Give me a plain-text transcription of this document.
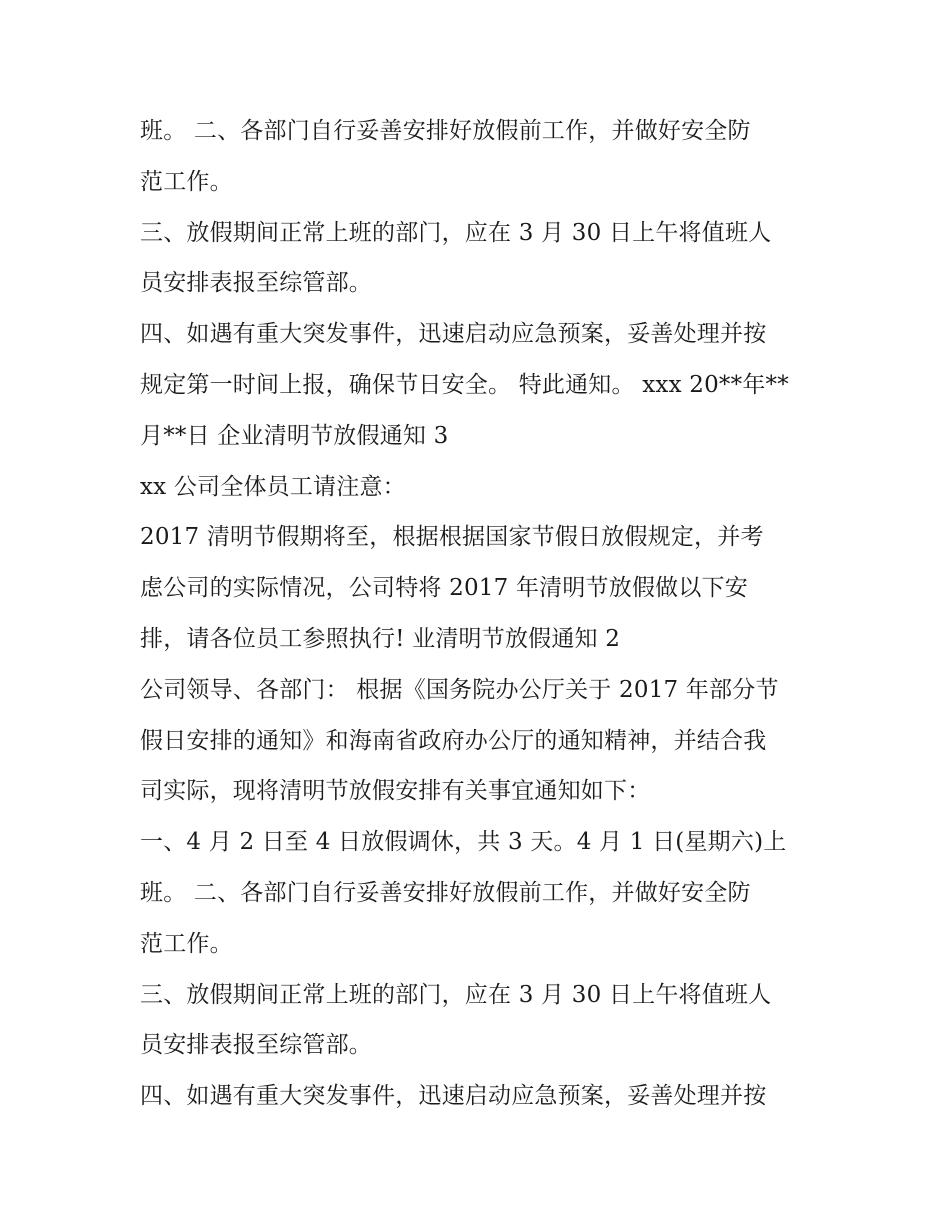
班。 二、各部门自行妥善安排好放假前工作，并做好安全防
范工作。
三、放假期间正常上班的部门，应在 3 月 30 日上午将值班人
员安排表报至综管部。
四、如遇有重大突发事件，迅速启动应急预案，妥善处理并按
规定第一时间上报，确保节日安全。 特此通知。 xxx 20**年**
月**日 企业清明节放假通知 3
xx 公司全体员工请注意：
2017 清明节假期将至，根据根据国家节假日放假规定，并考
虑公司的实际情况，公司特将 2017 年清明节放假做以下安
排，请各位员工参照执行! 业清明节放假通知 2
公司领导、各部门： 根据《国务院办公厅关于 2017 年部分节
假日安排的通知》和海南省政府办公厅的通知精神，并结合我
司实际，现将清明节放假安排有关事宜通知如下：
一、4 月 2 日至 4 日放假调休，共 3 天。4 月 1 日(星期六)上
班。 二、各部门自行妥善安排好放假前工作，并做好安全防
范工作。
三、放假期间正常上班的部门，应在 3 月 30 日上午将值班人
员安排表报至综管部。
四、如遇有重大突发事件，迅速启动应急预案，妥善处理并按
